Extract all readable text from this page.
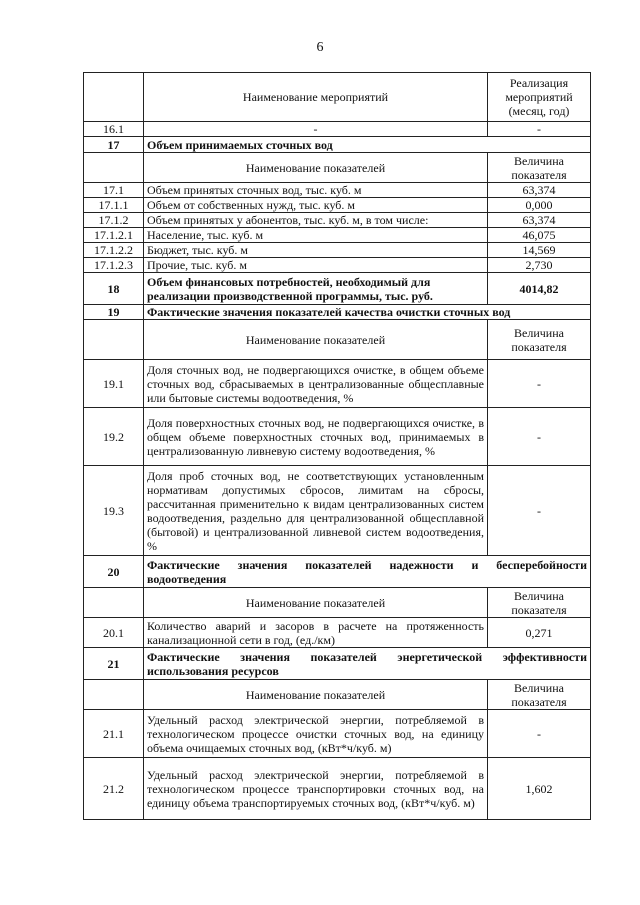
6
	Наименование мероприятий	Реализация мероприятий (месяц, год)
16.1	-	-
17	Объем принимаемых сточных вод	
	Наименование показателей	Величина показателя
17.1	Объем принятых сточных вод, тыс. куб. м	63,374
17.1.1	Объем от собственных нужд, тыс. куб. м	0,000
17.1.2	Объем принятых у абонентов, тыс. куб. м, в том числе:	63,374
17.1.2.1	Население, тыс. куб. м	46,075
17.1.2.2	Бюджет, тыс. куб. м	14,569
17.1.2.3	Прочие, тыс. куб. м	2,730
18	Объем финансовых потребностей, необходимый для реализации производственной программы, тыс. руб.	4014,82
19	Фактические значения показателей качества очистки сточных вод	
	Наименование показателей	Величина показателя
19.1	Доля сточных вод, не подвергающихся очистке, в общем объеме сточных вод, сбрасываемых в централизованные общесплавные или бытовые системы водоотведения, %	-
19.2	Доля поверхностных сточных вод, не подвергающихся очистке, в общем объеме поверхностных сточных вод, принимаемых в централизованную ливневую систему водоотведения, %	-
19.3	Доля проб сточных вод, не соответствующих установленным нормативам допустимых сбросов, лимитам на сбросы, рассчитанная применительно к видам централизованных систем водоотведения, раздельно для централизованной общесплавной (бытовой) и централизованной ливневой систем водоотведения, %	-
20	Фактические значения показателей надежности и бесперебойности водоотведения	
	Наименование показателей	Величина показателя
20.1	Количество аварий и засоров в расчете на протяженность канализационной сети в год, (ед./км)	0,271
21	Фактические значения показателей энергетической эффективности использования ресурсов	
	Наименование показателей	Величина показателя
21.1	Удельный расход электрической энергии, потребляемой в технологическом процессе очистки сточных вод, на единицу объема очищаемых сточных вод, (кВт*ч/куб. м)	-
21.2	Удельный расход электрической энергии, потребляемой в технологическом процессе транспортировки сточных вод, на единицу объема транспортируемых сточных вод, (кВт*ч/куб. м)	1,602
